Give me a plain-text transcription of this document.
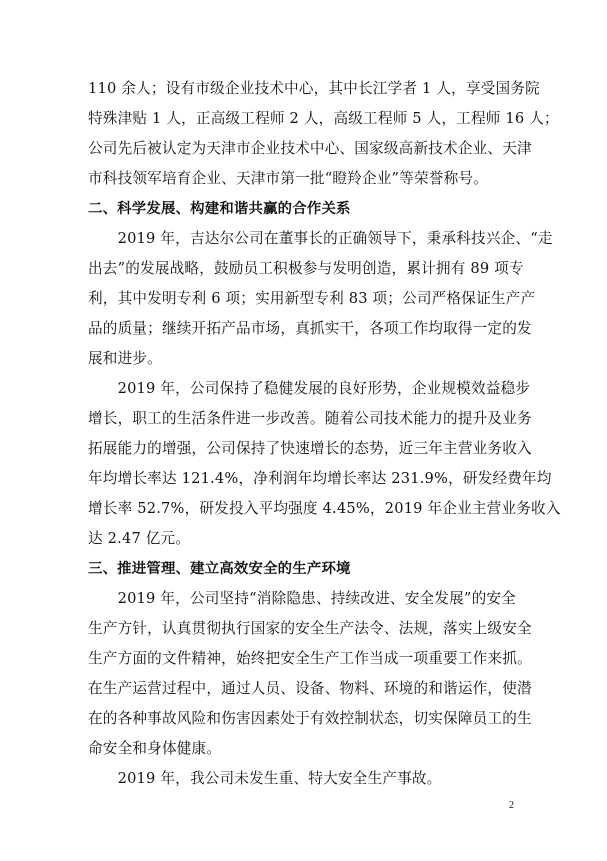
110 余人；设有市级企业技术中心，其中长江学者 1 人，享受国务院
特殊津贴 1 人，正高级工程师 2 人，高级工程师 5 人，工程师 16 人；
公司先后被认定为天津市企业技术中心、国家级高新技术企业、天津
市科技领军培育企业、天津市第一批“瞪羚企业”等荣誉称号。
二、科学发展、构建和谐共赢的合作关系
　　2019 年，吉达尔公司在董事长的正确领导下，秉承科技兴企、“走
出去”的发展战略，鼓励员工积极参与发明创造，累计拥有 89 项专
利，其中发明专利 6 项；实用新型专利 83 项；公司严格保证生产产
品的质量；继续开拓产品市场，真抓实干，各项工作均取得一定的发
展和进步。
　　2019 年，公司保持了稳健发展的良好形势，企业规模效益稳步
增长，职工的生活条件进一步改善。随着公司技术能力的提升及业务
拓展能力的增强，公司保持了快速增长的态势，近三年主营业务收入
年均增长率达 121.4%，净利润年均增长率达 231.9%，研发经费年均
增长率 52.7%，研发投入平均强度 4.45%，2019 年企业主营业务收入
达 2.47 亿元。
三、推进管理、建立高效安全的生产环境
　　2019 年，公司坚持“消除隐患、持续改进、安全发展”的安全
生产方针，认真贯彻执行国家的安全生产法令、法规，落实上级安全
生产方面的文件精神，始终把安全生产工作当成一项重要工作来抓。
在生产运营过程中，通过人员、设备、物料、环境的和谐运作，使潜
在的各种事故风险和伤害因素处于有效控制状态，切实保障员工的生
命安全和身体健康。
　　2019 年，我公司未发生重、特大安全生产事故。
2
